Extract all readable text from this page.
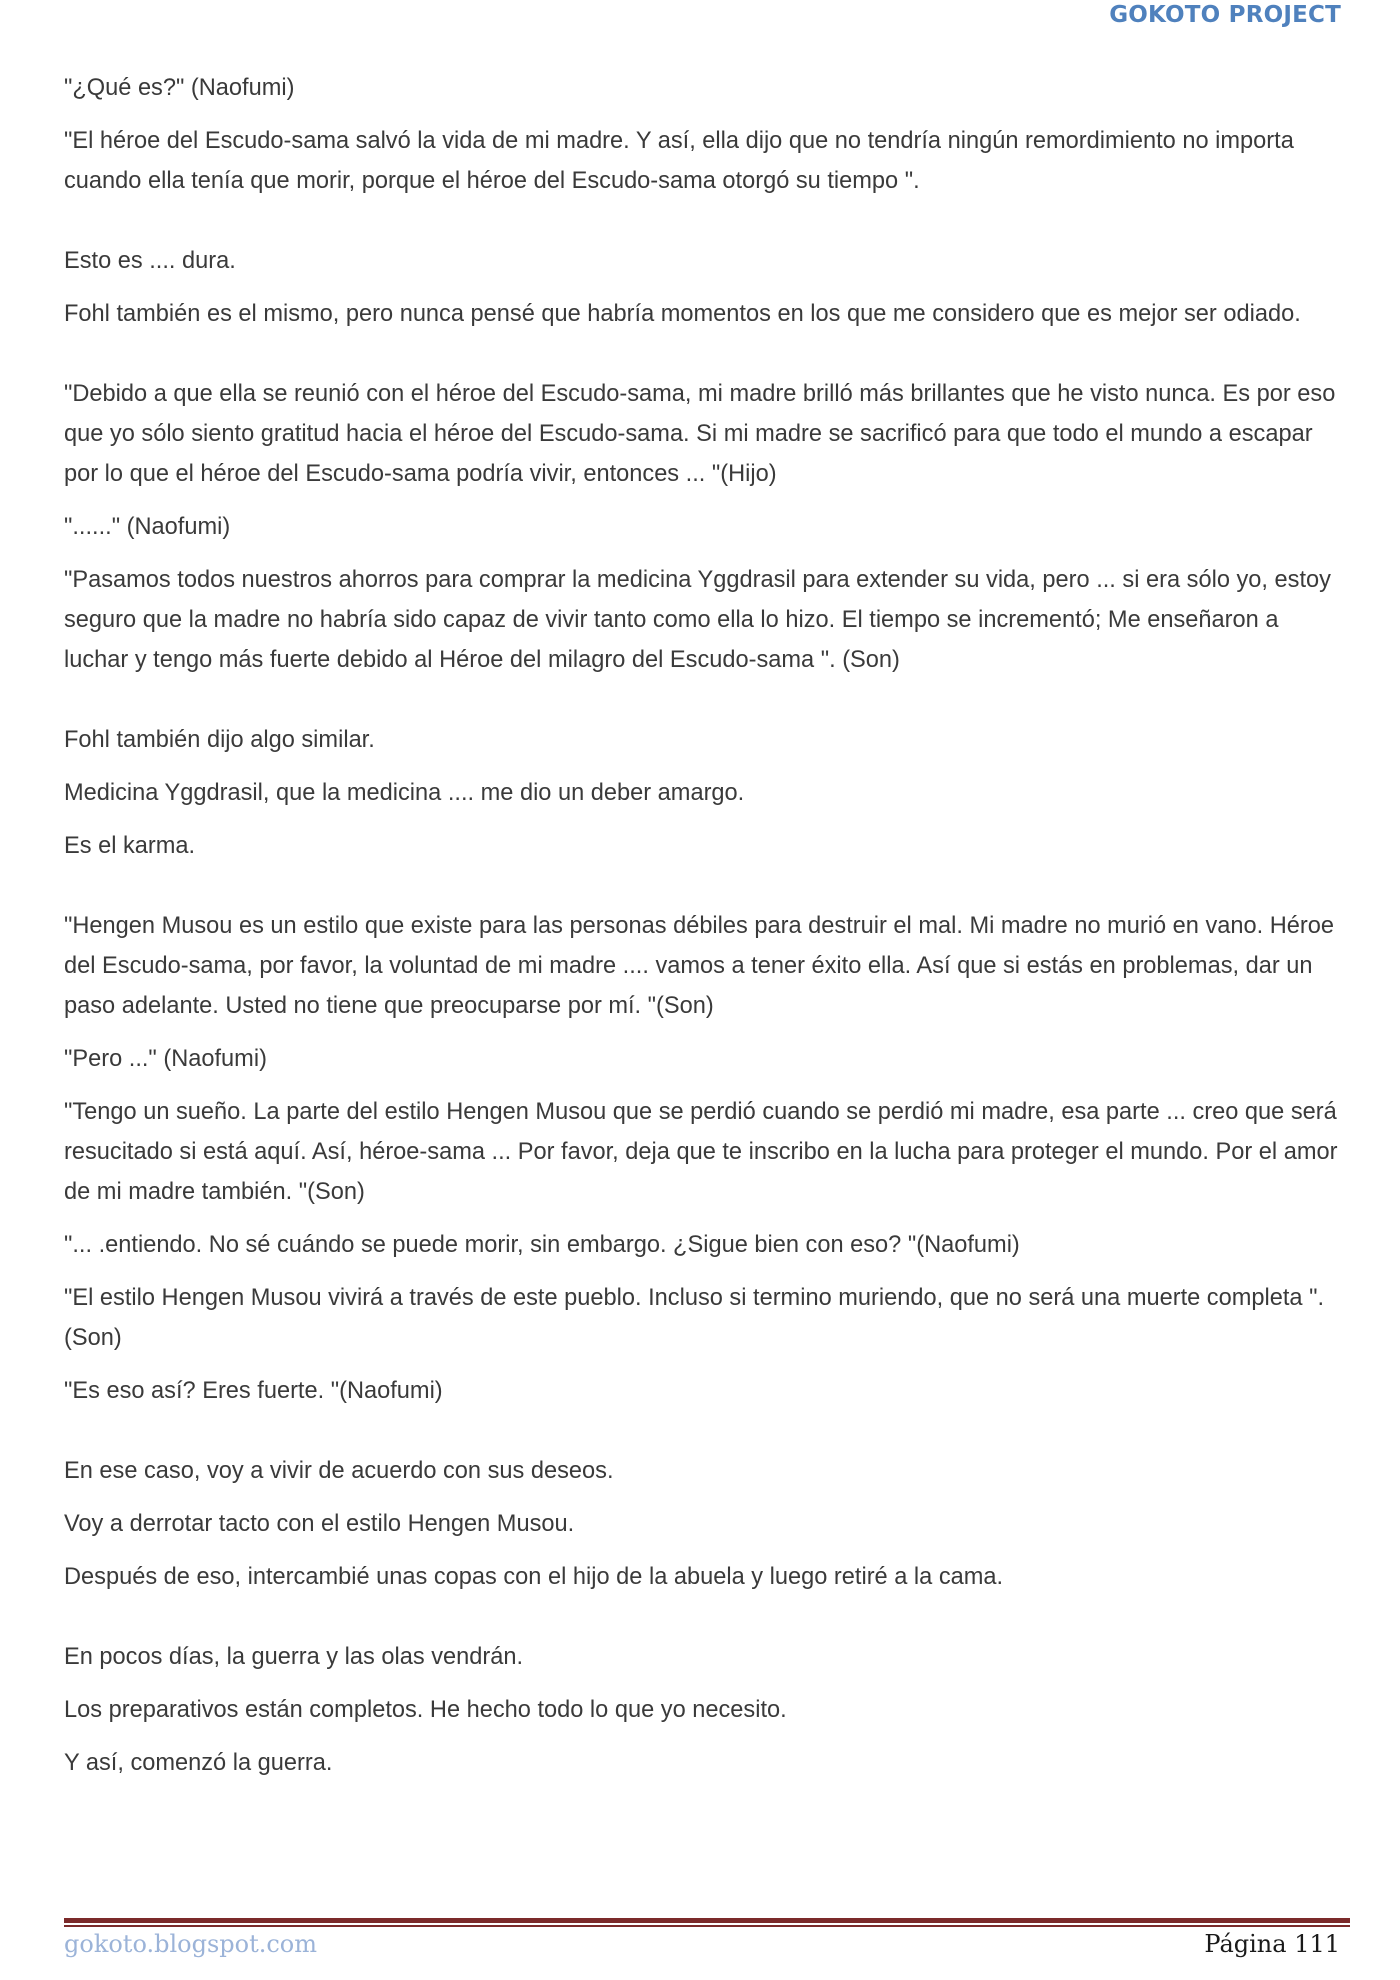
GOKOTO PROJECT

"¿Qué es?" (Naofumi)

"El héroe del Escudo-sama salvó la vida de mi madre. Y así, ella dijo que no tendría ningún remordimiento no importa cuando ella tenía que morir, porque el héroe del Escudo-sama otorgó su tiempo ".

Esto es .... dura.

Fohl también es el mismo, pero nunca pensé que habría momentos en los que me considero que es mejor ser odiado.

"Debido a que ella se reunió con el héroe del Escudo-sama, mi madre brilló más brillantes que he visto nunca. Es por eso que yo sólo siento gratitud hacia el héroe del Escudo-sama. Si mi madre se sacrificó para que todo el mundo a escapar por lo que el héroe del Escudo-sama podría vivir, entonces ... "(Hijo)

"......" (Naofumi)

"Pasamos todos nuestros ahorros para comprar la medicina Yggdrasil para extender su vida, pero ... si era sólo yo, estoy seguro que la madre no habría sido capaz de vivir tanto como ella lo hizo. El tiempo se incrementó; Me enseñaron a luchar y tengo más fuerte debido al Héroe del milagro del Escudo-sama ". (Son)

Fohl también dijo algo similar.

Medicina Yggdrasil, que la medicina .... me dio un deber amargo.

Es el karma.

"Hengen Musou es un estilo que existe para las personas débiles para destruir el mal. Mi madre no murió en vano. Héroe del Escudo-sama, por favor, la voluntad de mi madre .... vamos a tener éxito ella. Así que si estás en problemas, dar un paso adelante. Usted no tiene que preocuparse por mí. "(Son)

"Pero ..." (Naofumi)

"Tengo un sueño. La parte del estilo Hengen Musou que se perdió cuando se perdió mi madre, esa parte ... creo que será resucitado si está aquí. Así, héroe-sama ... Por favor, deja que te inscribo en la lucha para proteger el mundo. Por el amor de mi madre también. "(Son)

"... .entiendo. No sé cuándo se puede morir, sin embargo. ¿Sigue bien con eso? "(Naofumi)

"El estilo Hengen Musou vivirá a través de este pueblo. Incluso si termino muriendo, que no será una muerte completa ". (Son)

"Es eso así? Eres fuerte. "(Naofumi)

En ese caso, voy a vivir de acuerdo con sus deseos.

Voy a derrotar tacto con el estilo Hengen Musou.

Después de eso, intercambié unas copas con el hijo de la abuela y luego retiré a la cama.

En pocos días, la guerra y las olas vendrán.

Los preparativos están completos. He hecho todo lo que yo necesito.

Y así, comenzó la guerra.

gokoto.blogspot.com	Página 111
